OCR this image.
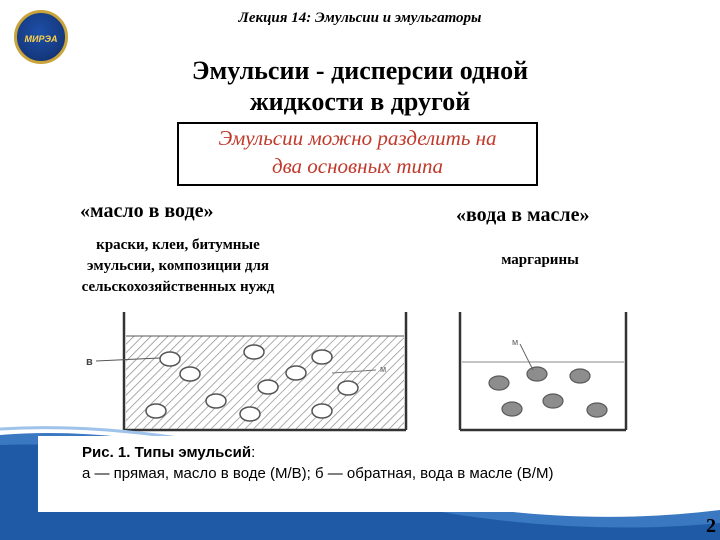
Лекция 14: Эмульсии и эмульгаторы
МИРЭА
Эмульсии - дисперсии одной
жидкости в другой
Эмульсии можно разделить на
два основных типа
«масло в воде»	«вода в масле»
краски, клеи, битумные
эмульсии, композиции для
сельскохозяйственных нужд
маргарины
в
м
м
Рис. 1. Типы эмульсий:
а — прямая, масло в воде (М/В); б — обратная, вода в масле (В/М)
2
